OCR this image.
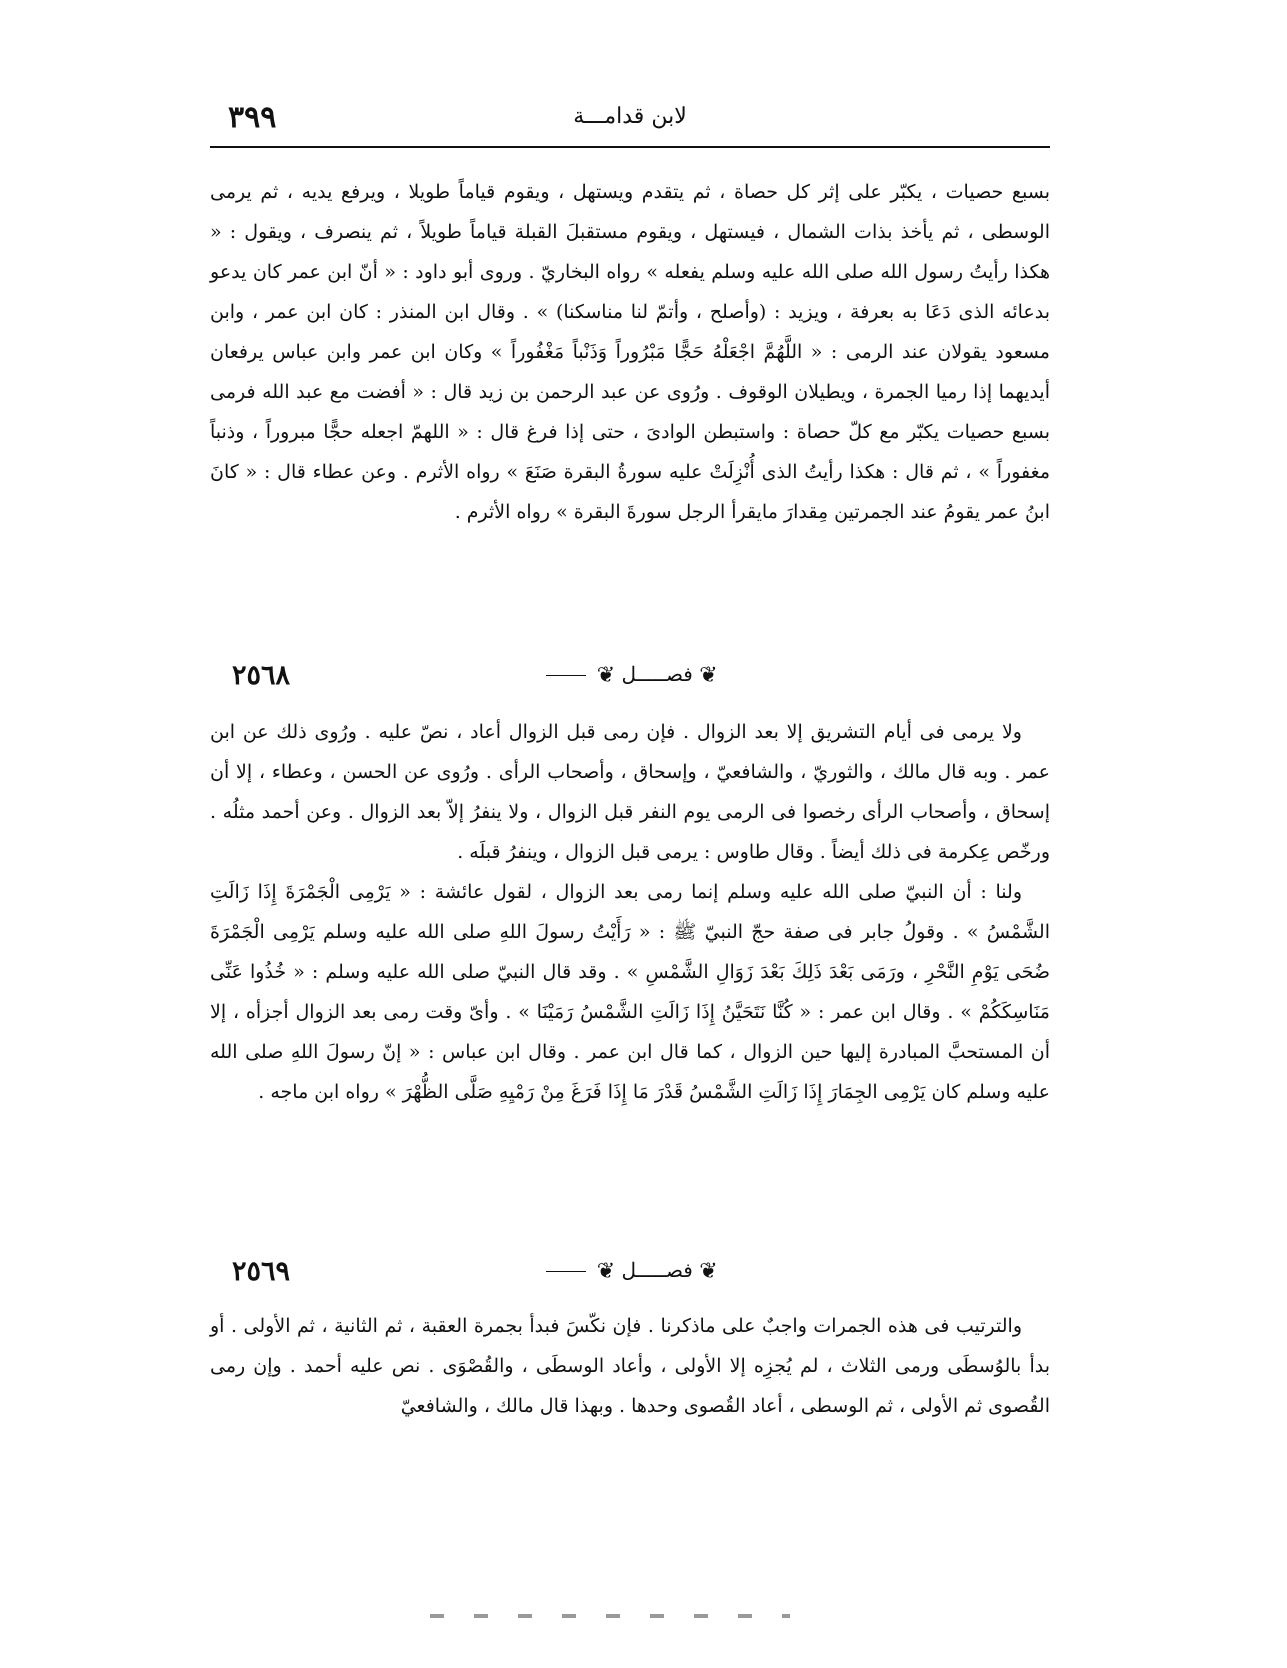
٣٩٩	لابن قدامـــة

بسبع حصيات ، يكبّر على إثر كل حصاة ، ثم يتقدم ويستهل ، ويقوم قياماً طويلا ، ويرفع يديه ، ثم يرمى الوسطى ، ثم يأخذ بذات الشمال ، فيستهل ، ويقوم مستقبلَ القبلة قياماً طويلاً ، ثم ينصرف ، ويقول : « هكذا رأيتُ رسول الله صلى الله عليه وسلم يفعله » رواه البخاريّ . وروى أبو داود : « أنّ ابن عمر كان يدعو بدعائه الذى دَعَا به بعرفة ، ويزيد : (وأصلح ، وأتمّ لنا مناسكنا) » . وقال ابن المنذر : كان ابن عمر ، وابن مسعود يقولان عند الرمى : « اللَّهُمَّ اجْعَلْهُ حَجًّا مَبْرُوراً وَذَنْباً مَغْفُوراً » وكان ابن عمر وابن عباس يرفعان أيديهما إذا رميا الجمرة ، ويطيلان الوقوف . ورُوى عن عبد الرحمن بن زيد قال : « أفضت مع عبد الله فرمى بسبع حصيات يكبّر مع كلّ حصاة : واستبطن الوادىَ ، حتى إذا فرغ قال : « اللهمّ اجعله حجًّا مبروراً ، وذنباً مغفوراً » ، ثم قال : هكذا رأيتُ الذى أُنْزِلَتْ عليه سورةُ البقرة صَنَعَ » رواه الأثرم . وعن عطاء قال : « كانَ ابنُ عمر يقومُ عند الجمرتين مِقدارَ مايقرأ الرجل سورةَ البقرة » رواه الأثرم .

٢٥٦٨	❦ فصـــــل ❦

ولا يرمى فى أيام التشريق إلا بعد الزوال . فإن رمى قبل الزوال أعاد ، نصّ عليه . ورُوى ذلك عن ابن عمر . وبه قال مالك ، والثوريّ ، والشافعيّ ، وإسحاق ، وأصحاب الرأى . ورُوى عن الحسن ، وعطاء ، إلا أن إسحاق ، وأصحاب الرأى رخصوا فى الرمى يوم النفر قبل الزوال ، ولا ينفرُ إلاّ بعد الزوال . وعن أحمد مثلُه . ورخّص عِكرمة فى ذلك أيضاً . وقال طاوس : يرمى قبل الزوال ، وينفرُ قبلَه .

ولنا : أن النبيّ صلى الله عليه وسلم إنما رمى بعد الزوال ، لقول عائشة : « يَرْمِى الْجَمْرَةَ إِذَا زَالَتِ الشَّمْسُ » . وقولُ جابر فى صفة حجّ النبيّ ﷺ : « رَأَيْتُ رسولَ اللهِ صلى الله عليه وسلم يَرْمِى الْجَمْرَةَ ضُحَى يَوْمِ النَّحْرِ ، ورَمَى بَعْدَ ذَلِكَ بَعْدَ زَوَالِ الشَّمْسِ » . وقد قال النبيّ صلى الله عليه وسلم : « خُذُوا عَنِّى مَنَاسِكَكُمْ » . وقال ابن عمر : « كُنَّا نَتَحَيَّنُ إِذَا زَالَتِ الشَّمْسُ رَمَيْنَا » . وأىّ وقت رمى بعد الزوال أجزأه ، إلا أن المستحبَّ المبادرة إليها حين الزوال ، كما قال ابن عمر . وقال ابن عباس : « إنّ رسولَ اللهِ صلى الله عليه وسلم كان يَرْمِى الجِمَارَ إِذَا زَالَتِ الشَّمْسُ قَدْرَ مَا إِذَا فَرَغَ مِنْ رَمْيِهِ صَلَّى الظُّهْرَ » رواه ابن ماجه .

٢٥٦٩	❦ فصـــــل ❦

والترتيب فى هذه الجمرات واجبٌ على ماذكرنا . فإن نكّسَ فبدأ بجمرة العقبة ، ثم الثانية ، ثم الأولى . أو بدأ بالوُسطَى ورمى الثلاث ، لم يُجزِه إلا الأولى ، وأعاد الوسطَى ، والقُصْوَى . نص عليه أحمد . وإن رمى القُصوى ثم الأولى ، ثم الوسطى ، أعاد القُصوى وحدها . وبهذا قال مالك ، والشافعيّ
